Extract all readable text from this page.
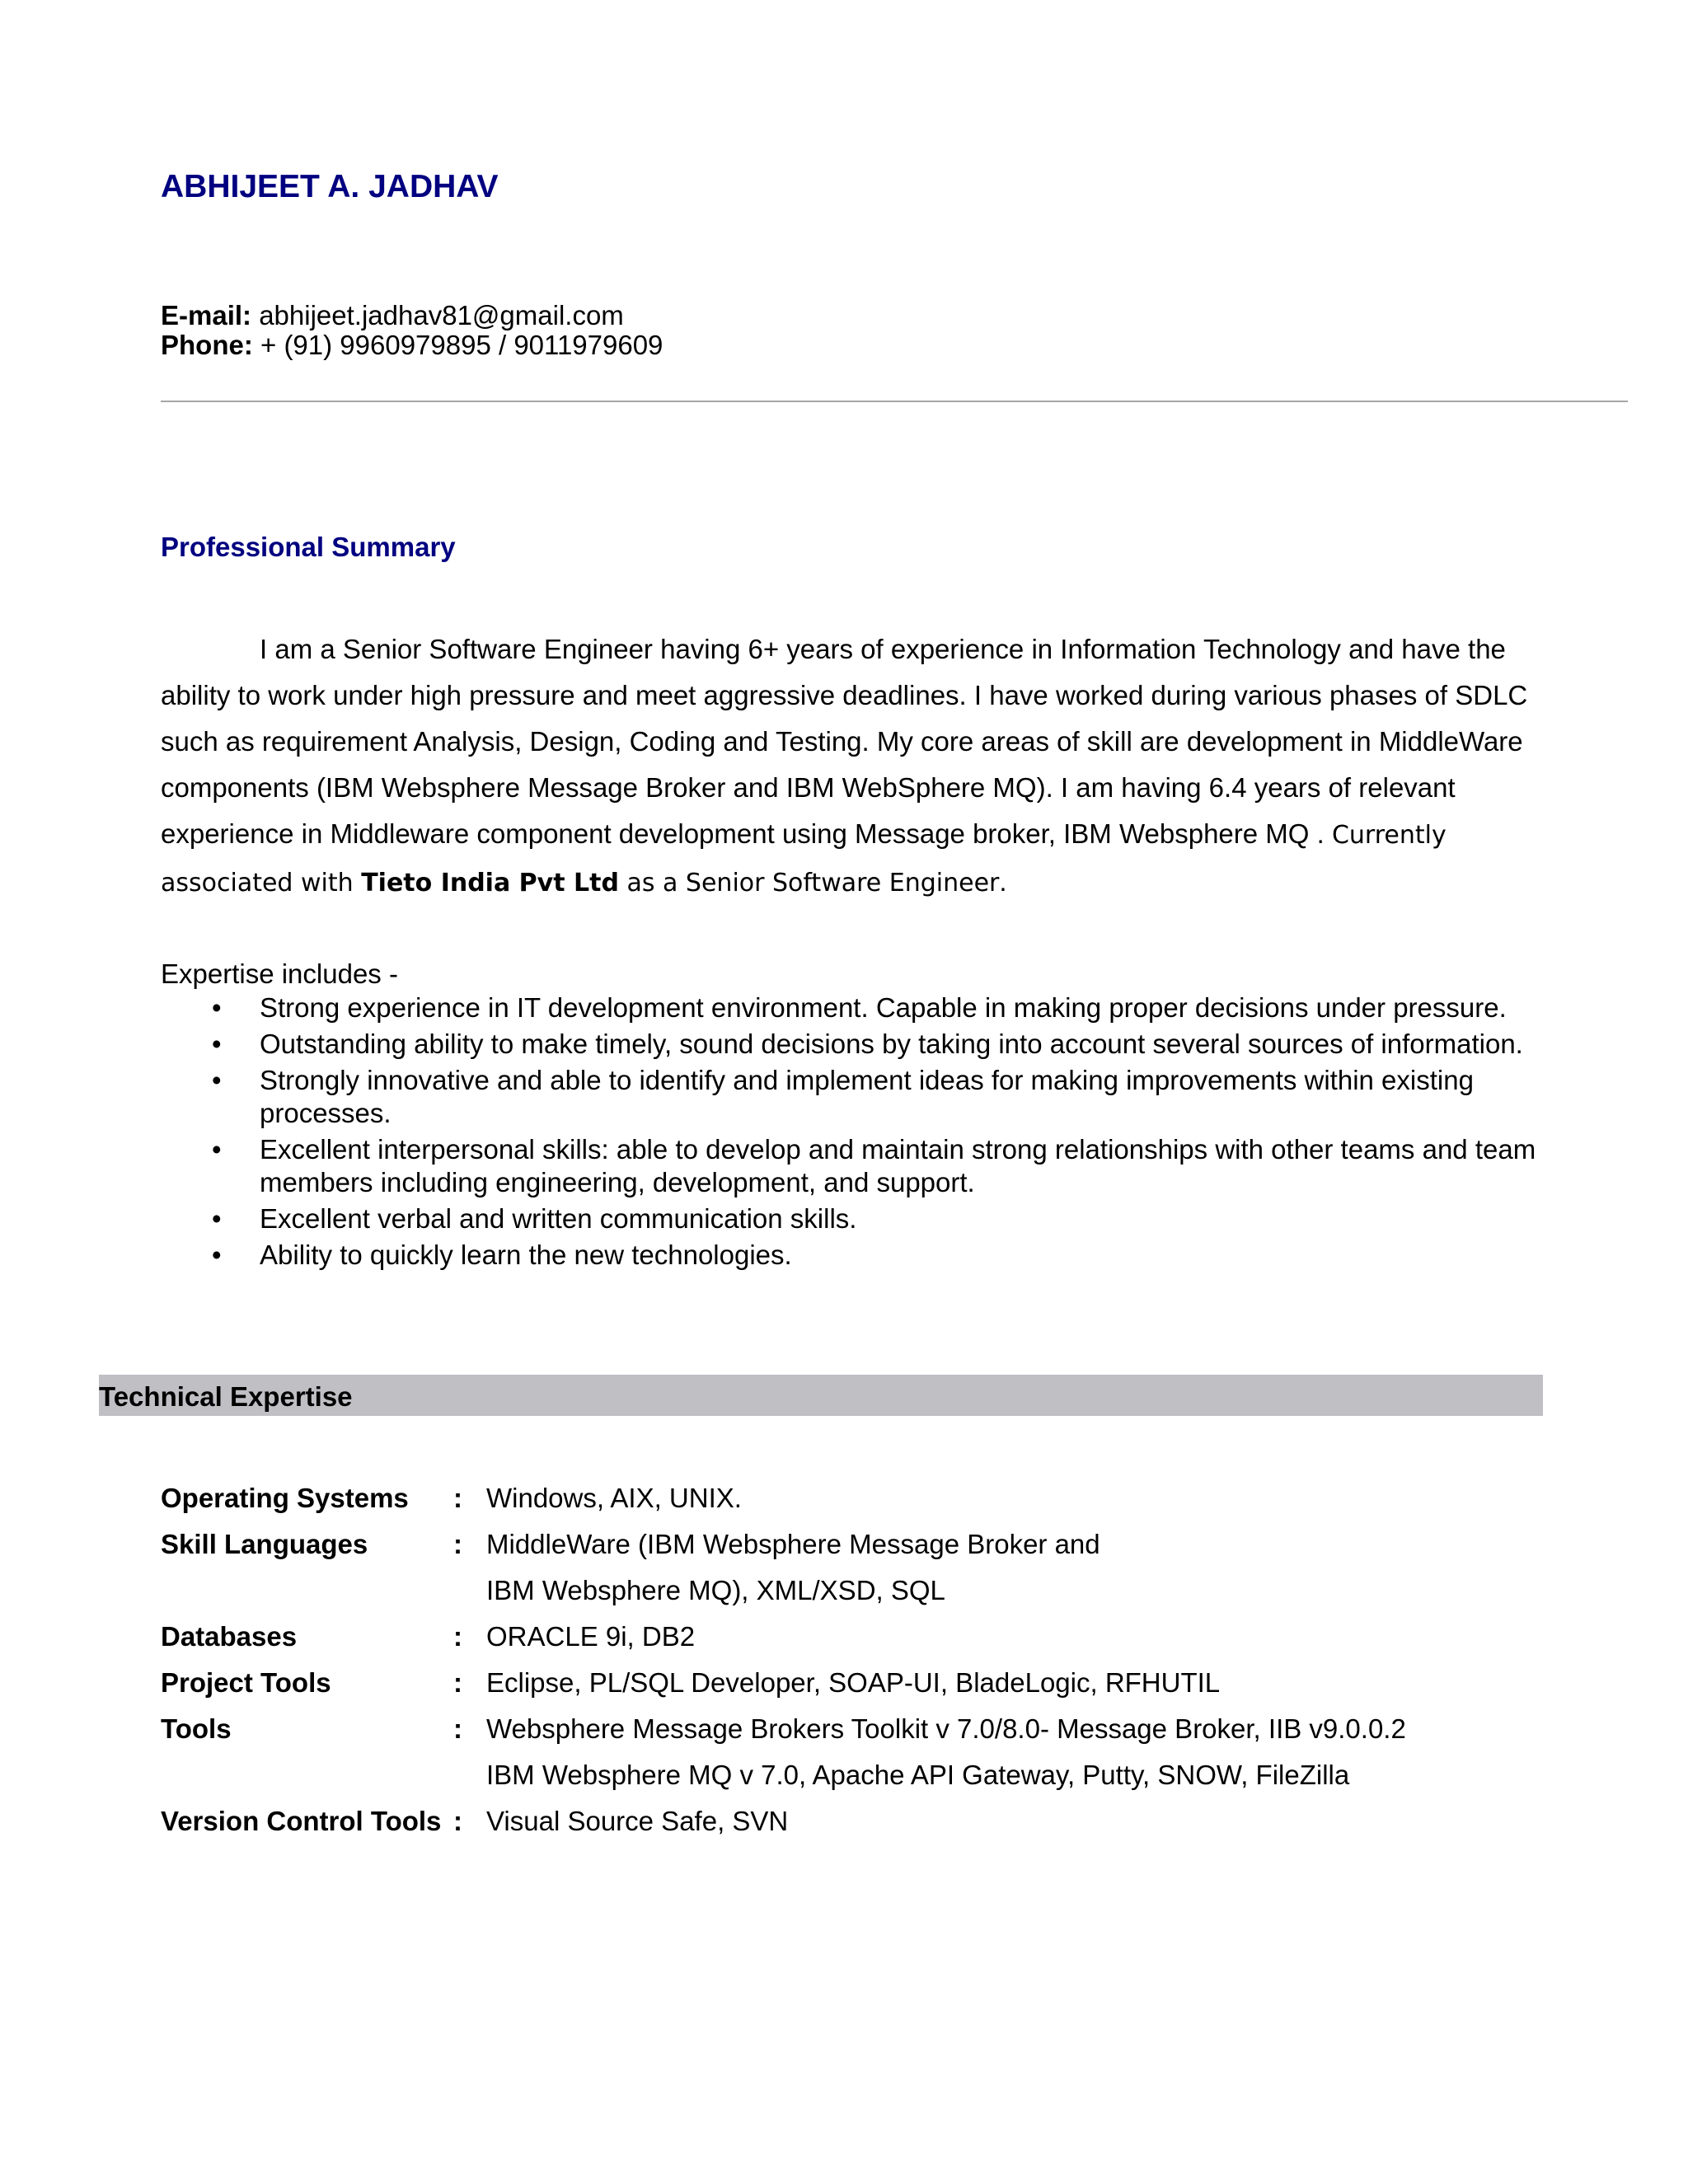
ABHIJEET A. JADHAV
E-mail: abhijeet.jadhav81@gmail.com
Phone: + (91) 9960979895 / 9011979609
Professional Summary

I am a Senior Software Engineer having 6+ years of experience in Information Technology and have the ability to work under high pressure and meet aggressive deadlines. I have worked during various phases of SDLC such as requirement Analysis, Design, Coding and Testing. My core areas of skill are development in MiddleWare components (IBM Websphere Message Broker and IBM WebSphere MQ). I am having 6.4 years of relevant experience in Middleware component development using Message broker, IBM Websphere MQ . Currently associated with Tieto India Pvt Ltd as a Senior Software Engineer.

Expertise includes -
• Strong experience in IT development environment. Capable in making proper decisions under pressure.
• Outstanding ability to make timely, sound decisions by taking into account several sources of information.
• Strongly innovative and able to identify and implement ideas for making improvements within existing processes.
• Excellent interpersonal skills: able to develop and maintain strong relationships with other teams and team members including engineering, development, and support.
• Excellent verbal and written communication skills.
• Ability to quickly learn the new technologies.
Technical Expertise
Operating Systems	: Windows, AIX, UNIX.
Skill Languages	: MiddleWare (IBM Websphere Message Broker and
IBM Websphere MQ), XML/XSD, SQL
Databases	: ORACLE 9i, DB2
Project Tools	: Eclipse, PL/SQL Developer, SOAP-UI, BladeLogic, RFHUTIL
Tools	: Websphere Message Brokers Toolkit v 7.0/8.0- Message Broker, IIB v9.0.0.2
IBM Websphere MQ v 7.0, Apache API Gateway, Putty, SNOW, FileZilla
Version Control Tools : Visual Source Safe, SVN
